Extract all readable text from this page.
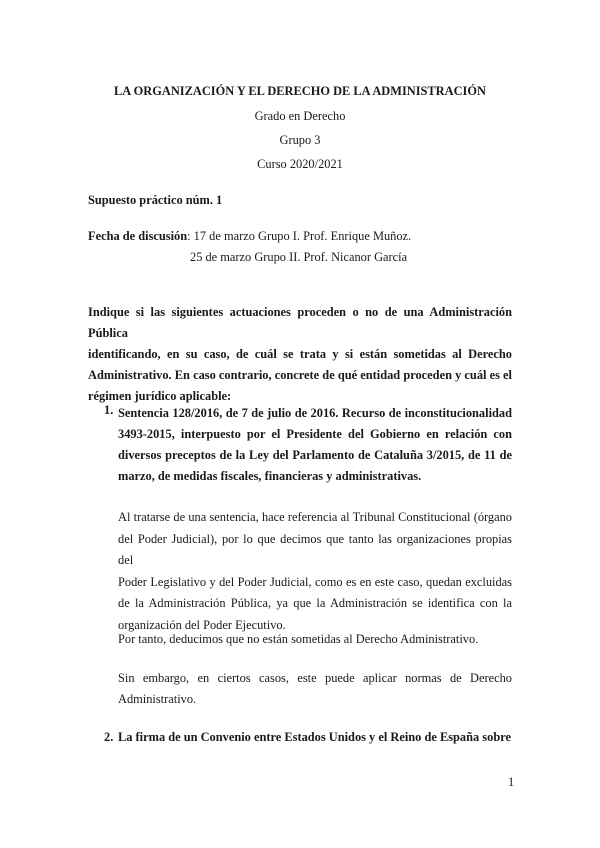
LA ORGANIZACIÓN Y EL DERECHO DE LA ADMINISTRACIÓN
Grado en Derecho
Grupo 3
Curso 2020/2021
Supuesto práctico núm. 1
Fecha de discusión: 17 de marzo Grupo I. Prof. Enrique Muñoz.
25 de marzo Grupo II. Prof. Nicanor García
Indique si las siguientes actuaciones proceden o no de una Administración Pública
identificando, en su caso, de cuál se trata y si están sometidas al Derecho
Administrativo. En caso contrario, concrete de qué entidad proceden y cuál es el
régimen jurídico aplicable:
1. Sentencia 128/2016, de 7 de julio de 2016. Recurso de inconstitucionalidad
3493-2015, interpuesto por el Presidente del Gobierno en relación con
diversos preceptos de la Ley del Parlamento de Cataluña 3/2015, de 11 de
marzo, de medidas fiscales, financieras y administrativas.
Al tratarse de una sentencia, hace referencia al Tribunal Constitucional (órgano
del Poder Judicial), por lo que decimos que tanto las organizaciones propias del
Poder Legislativo y del Poder Judicial, como es en este caso, quedan excluidas
de la Administración Pública, ya que la Administración se identifica con la
organización del Poder Ejecutivo.
Por tanto, deducimos que no están sometidas al Derecho Administrativo.
Sin embargo, en ciertos casos, este puede aplicar normas de Derecho
Administrativo.
2. La firma de un Convenio entre Estados Unidos y el Reino de España sobre
1
